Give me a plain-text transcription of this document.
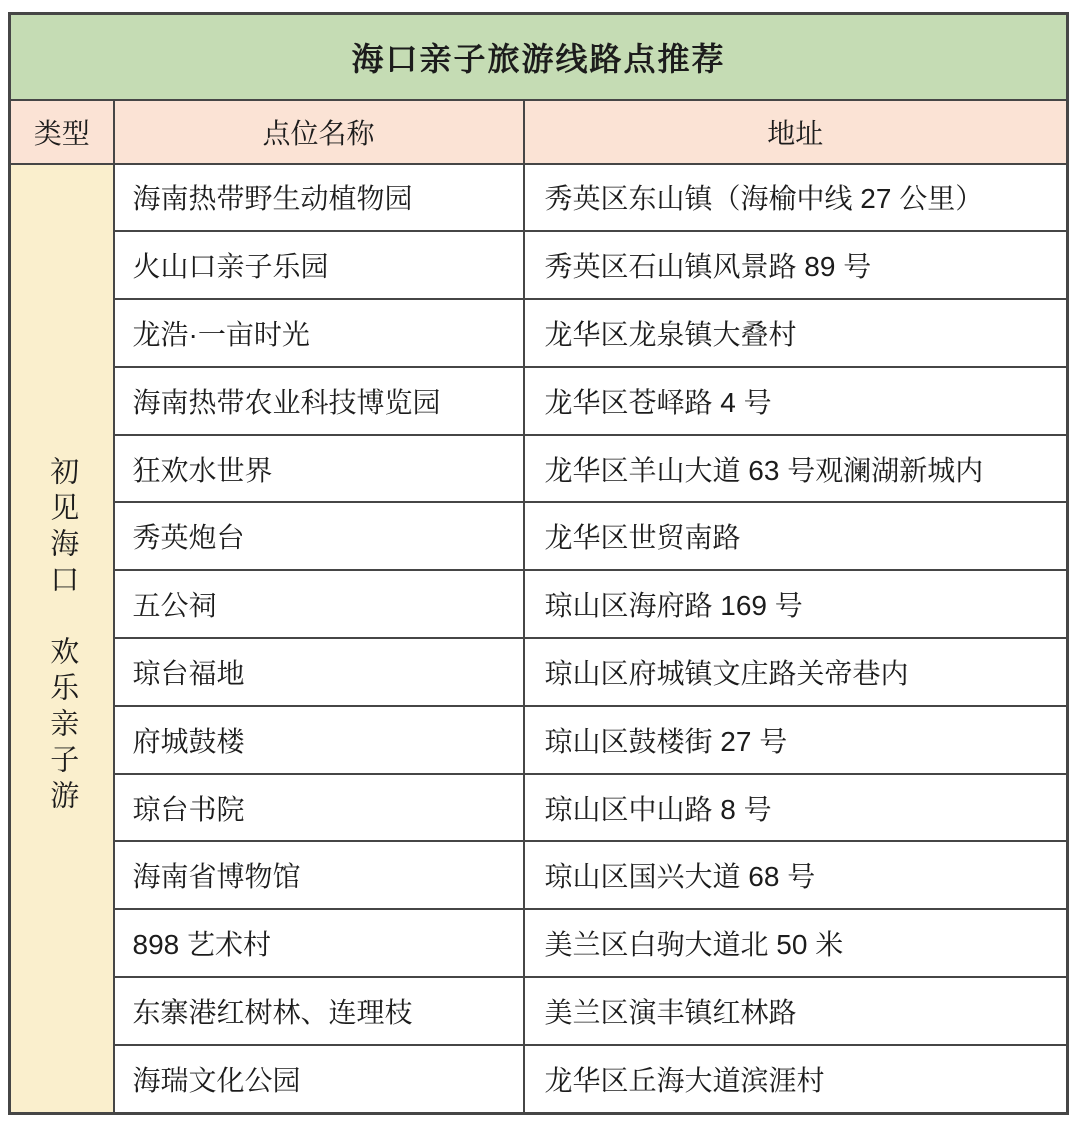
海口亲子旅游线路点推荐		
类型	点位名称	地址
初见海口　欢乐亲子游	海南热带野生动植物园	秀英区东山镇（海榆中线 27 公里）
	火山口亲子乐园	秀英区石山镇风景路 89 号
	龙浩·一亩时光	龙华区龙泉镇大叠村
	海南热带农业科技博览园	龙华区苍峄路 4 号
	狂欢水世界	龙华区羊山大道 63 号观澜湖新城内
	秀英炮台	龙华区世贸南路
	五公祠	琼山区海府路 169 号
	琼台福地	琼山区府城镇文庄路关帝巷内
	府城鼓楼	琼山区鼓楼街 27 号
	琼台书院	琼山区中山路 8 号
	海南省博物馆	琼山区国兴大道 68 号
	898 艺术村	美兰区白驹大道北 50 米
	东寨港红树林、连理枝	美兰区演丰镇红林路
	海瑞文化公园	龙华区丘海大道滨涯村
